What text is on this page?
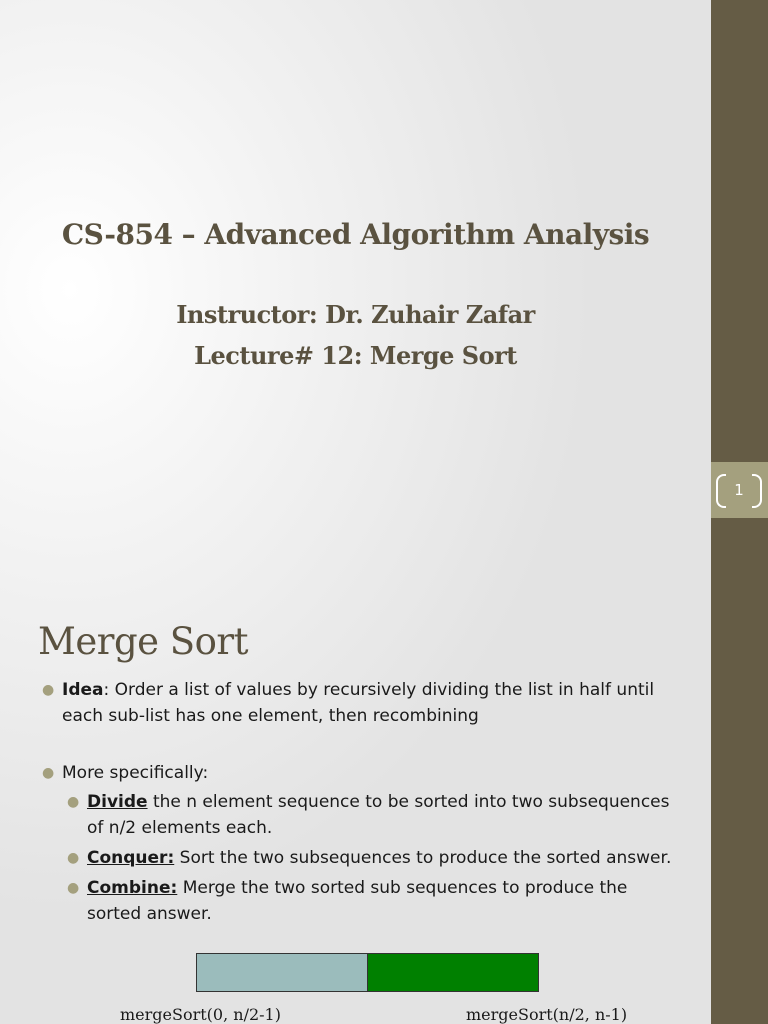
1
CS-854 – Advanced Algorithm Analysis
Instructor: Dr. Zuhair Zafar
Lecture# 12: Merge Sort
Merge Sort
● Idea: Order a list of values by recursively dividing the list in half until
each sub-list has one element, then recombining
● More specifically:
● Divide the n element sequence to be sorted into two subsequences
of n/2 elements each.
● Conquer: Sort the two subsequences to produce the sorted answer.
● Combine: Merge the two sorted sub sequences to produce the
sorted answer.
mergeSort(0, n/2-1)	mergeSort(n/2, n-1)
